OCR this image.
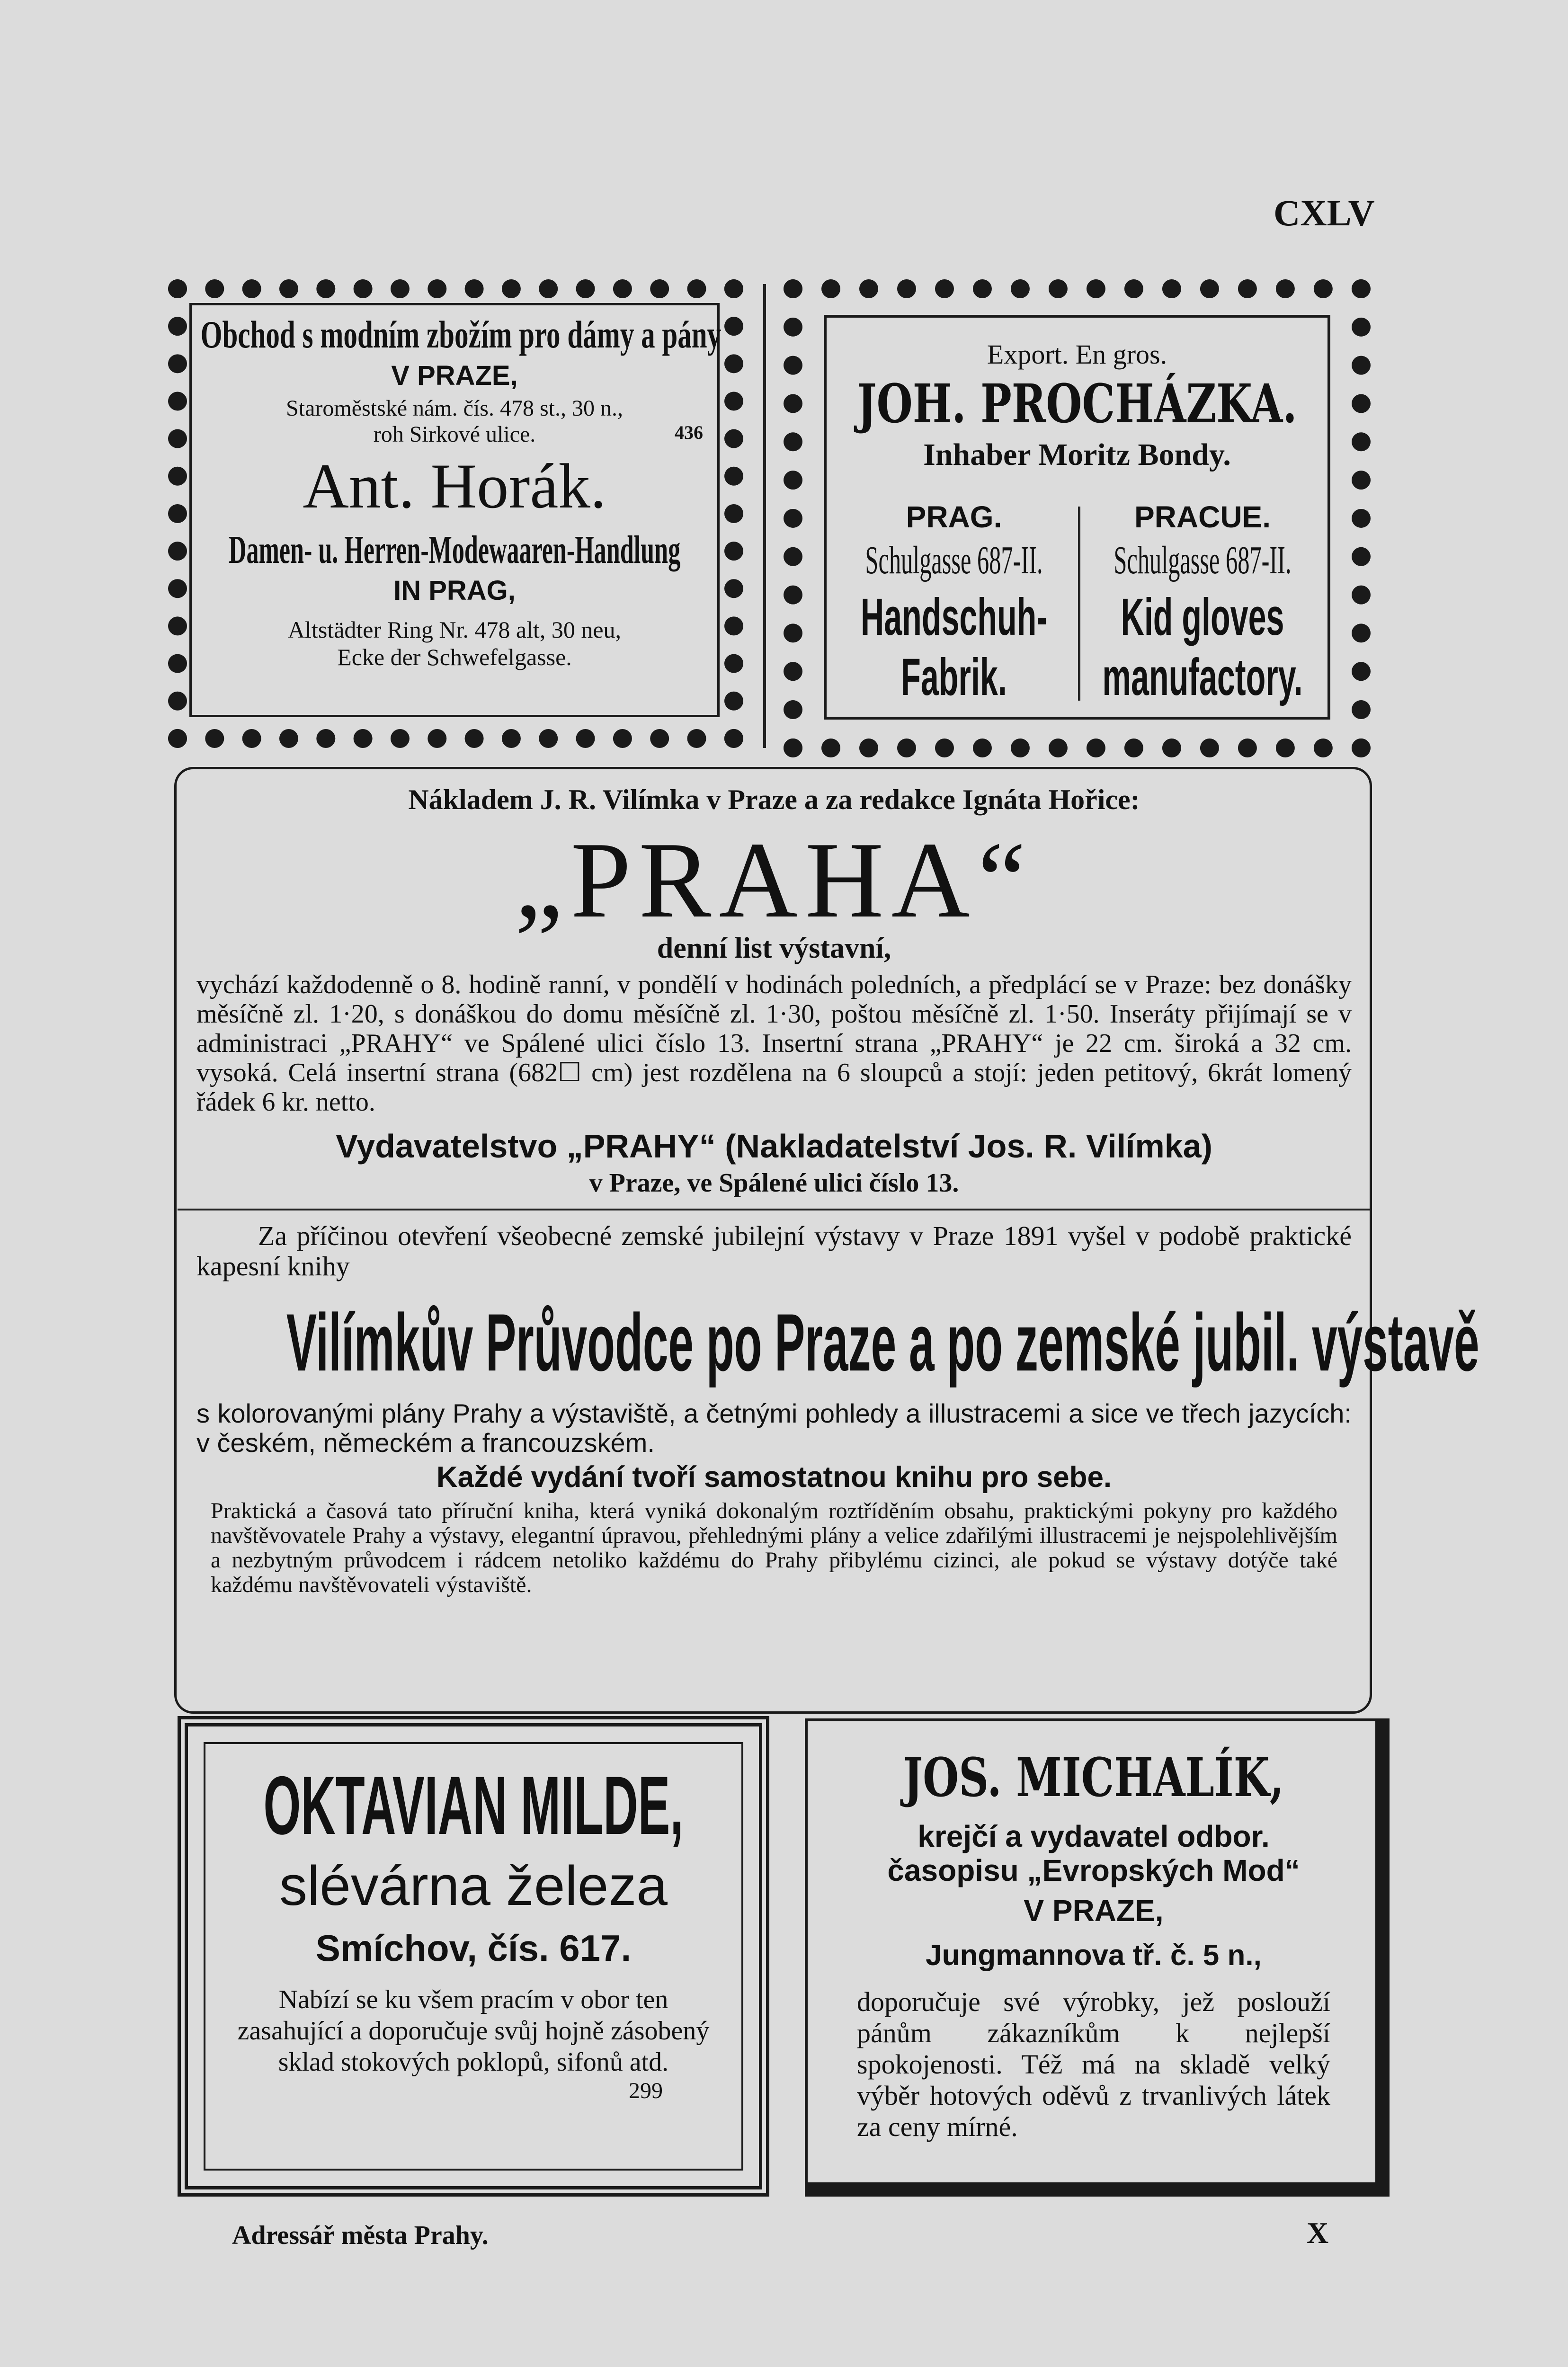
CXLV
Obchod s modním zbožím pro dámy a pány
V PRAZE,
Staroměstské nám. čís. 478 st., 30 n.,
roh Sirkové ulice.	436
Ant. Horák.
Damen- u. Herren-Modewaaren-Handlung
IN PRAG,
Altstädter Ring Nr. 478 alt, 30 neu,
Ecke der Schwefelgasse.
Export. En gros.
JOH. PROCHÁZKA.
Inhaber Moritz Bondy.
PRAG.
Schulgasse 687-II.
Handschuh-
Fabrik.
PRACUE.
Schulgasse 687-II.
Kid gloves
manufactory.
Nákladem J. R. Vilímka v Praze a za redakce Ignáta Hořice:
„PRAHA“
denní list výstavní,
vychází každodenně o 8. hodině ranní, v pondělí v hodinách poledních, a předplácí se v Praze: bez donášky měsíčně zl. 1·20, s donáškou do domu měsíčně zl. 1·30, poštou měsíčně zl. 1·50. Inseráty přijímají se v administraci „PRAHY“ ve Spálené ulici číslo 13. Insertní strana „PRAHY“ je 22 cm. široká a 32 cm. vysoká. Celá insertní strana (682☐ cm) jest rozdělena na 6 sloupců a stojí: jeden petitový, 6krát lomený řádek 6 kr. netto.
Vydavatelstvo „PRAHY“ (Nakladatelství Jos. R. Vilímka)
v Praze, ve Spálené ulici číslo 13.
Za příčinou otevření všeobecné zemské jubilejní výstavy v Praze 1891 vyšel v podobě praktické kapesní knihy
Vilímkův Průvodce po Praze a po zemské jubil. výstavě
s kolorovanými plány Prahy a výstaviště, a četnými pohledy a illustracemi a sice ve třech jazycích: v českém, německém a francouzském.
Každé vydání tvoří samostatnou knihu pro sebe.
Praktická a časová tato příruční kniha, která vyniká dokonalým roztříděním obsahu, praktickými pokyny pro každého navštěvovatele Prahy a výstavy, elegantní úpravou, přehlednými plány a velice zdařilými illustracemi je nejspolehlivějším a nezbytným průvodcem i rádcem netoliko každému do Prahy přibylému cizinci, ale pokud se výstavy dotýče také každému navštěvovateli výstaviště.
OKTAVIAN MILDE,
slévárna železa
Smíchov, čís. 617.
Nabízí se ku všem pracím v obor ten zasahující a doporučuje svůj hojně zásobený sklad stokových poklopů, sifonů atd.
299
JOS. MICHALÍK,
krejčí a vydavatel odbor. časopisu „Evropských Mod“
V PRAZE,
Jungmannova tř. č. 5 n.,
doporučuje své výrobky, jež poslouží pánům zákazníkům k nejlepší spokojenosti. Též má na skladě velký výběr hotových oděvů z trvanlivých látek za ceny mírné.
Adressář města Prahy.	X
